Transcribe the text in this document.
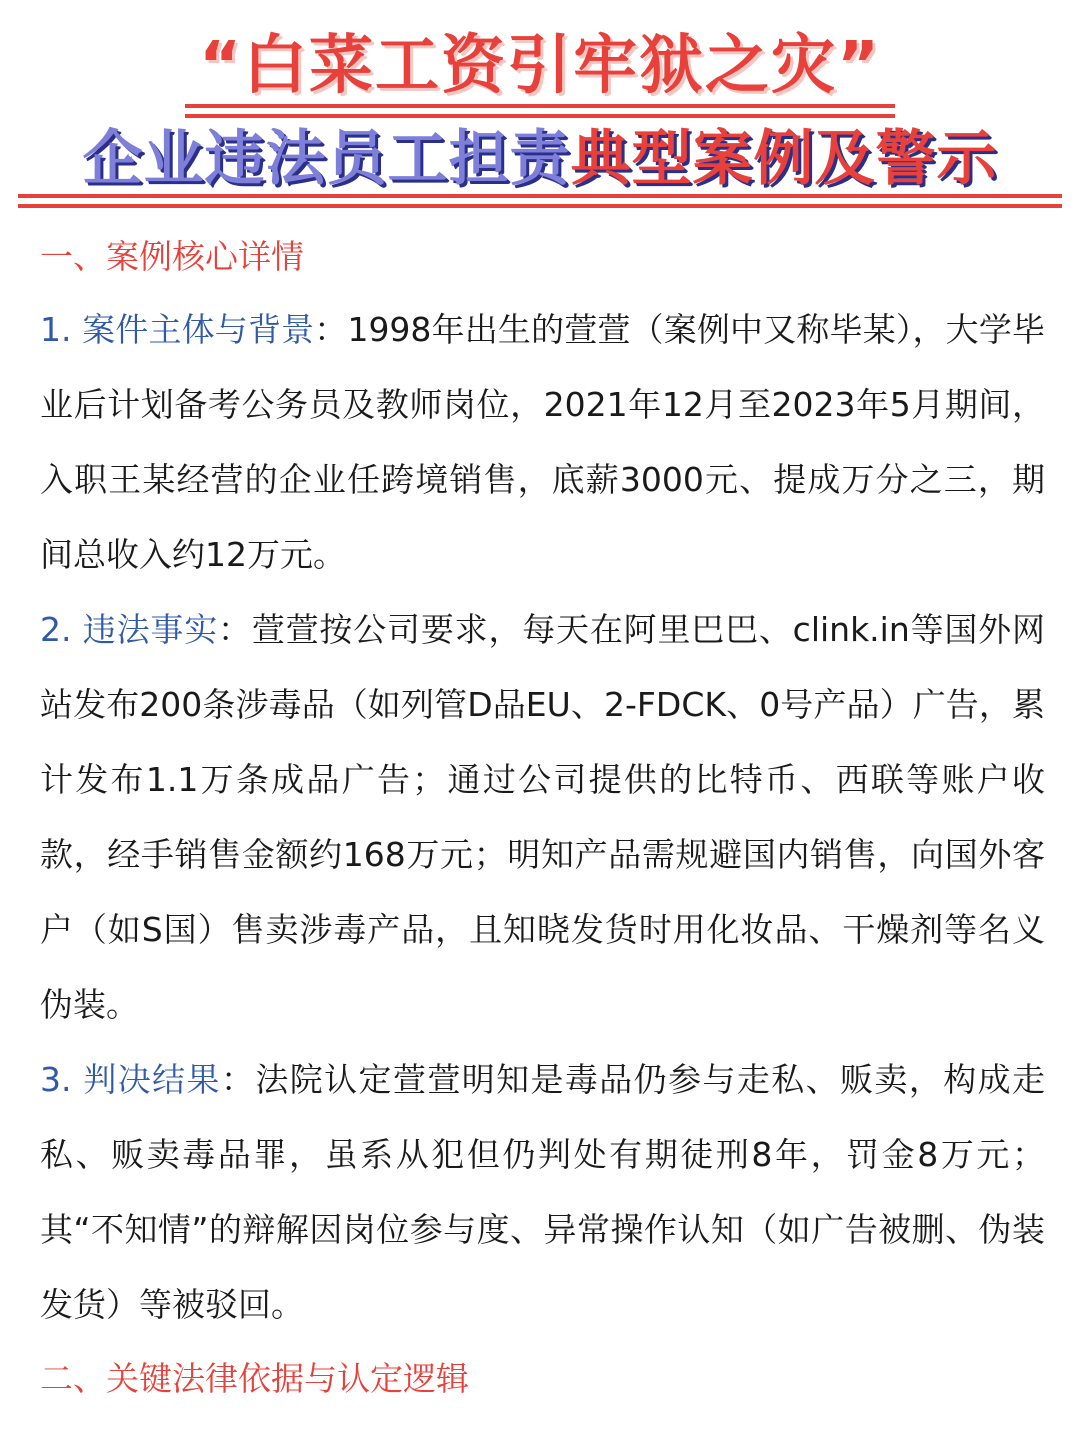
“白菜工资引牢狱之灾”
企业违法员工担责典型案例及警示
一、案例核心详情

1. 案件主体与背景：1998年出生的萱萱（案例中又称毕某），大学毕业后计划备考公务员及教师岗位，2021年12月至2023年5月期间，入职王某经营的企业任跨境销售，底薪3000元、提成万分之三，期间总收入约12万元。

2. 违法事实：萱萱按公司要求，每天在阿里巴巴、clink.in等国外网站发布200条涉毒品（如列管D品EU、2-FDCK、0号产品）广告，累计发布1.1万条成品广告；通过公司提供的比特币、西联等账户收款，经手销售金额约168万元；明知产品需规避国内销售，向国外客户（如S国）售卖涉毒产品，且知晓发货时用化妆品、干燥剂等名义伪装。

3. 判决结果：法院认定萱萱明知是毒品仍参与走私、贩卖，构成走私、贩卖毒品罪，虽系从犯但仍判处有期徒刑8年，罚金8万元；其“不知情”的辩解因岗位参与度、异常操作认知（如广告被删、伪装发货）等被驳回。

二、关键法律依据与认定逻辑
